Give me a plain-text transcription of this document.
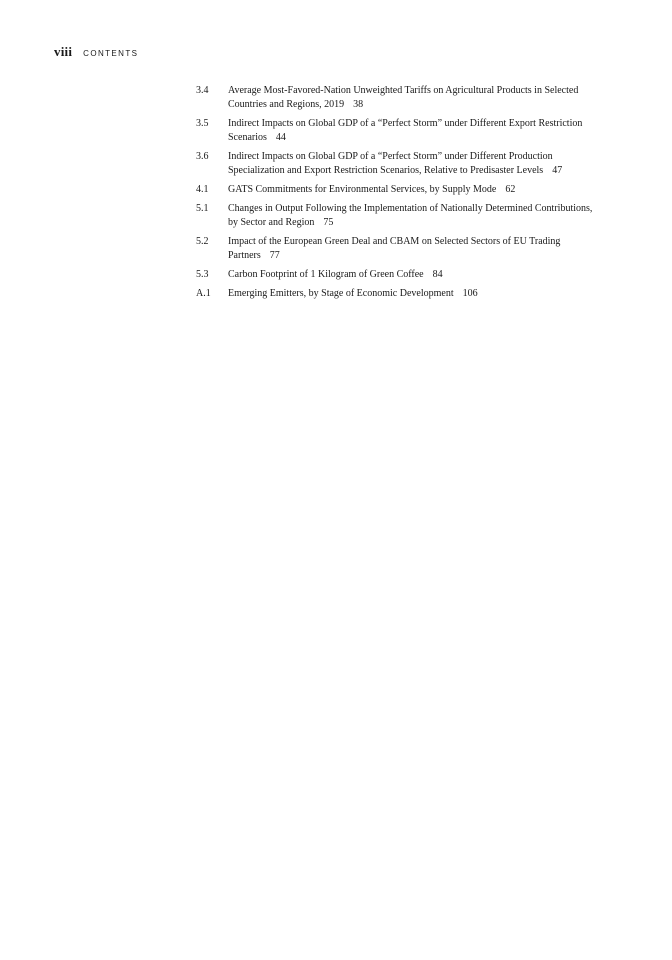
viii CONTENTS
3.4	Average Most-Favored-Nation Unweighted Tariffs on Agricultural Products in Selected Countries and Regions, 2019 38
3.5	Indirect Impacts on Global GDP of a “Perfect Storm” under Different Export Restriction Scenarios 44
3.6	Indirect Impacts on Global GDP of a “Perfect Storm” under Different Production Specialization and Export Restriction Scenarios, Relative to Predisaster Levels 47
4.1	GATS Commitments for Environmental Services, by Supply Mode 62
5.1	Changes in Output Following the Implementation of Nationally Determined Contributions, by Sector and Region 75
5.2	Impact of the European Green Deal and CBAM on Selected Sectors of EU Trading Partners 77
5.3	Carbon Footprint of 1 Kilogram of Green Coffee 84
A.1	Emerging Emitters, by Stage of Economic Development 106
